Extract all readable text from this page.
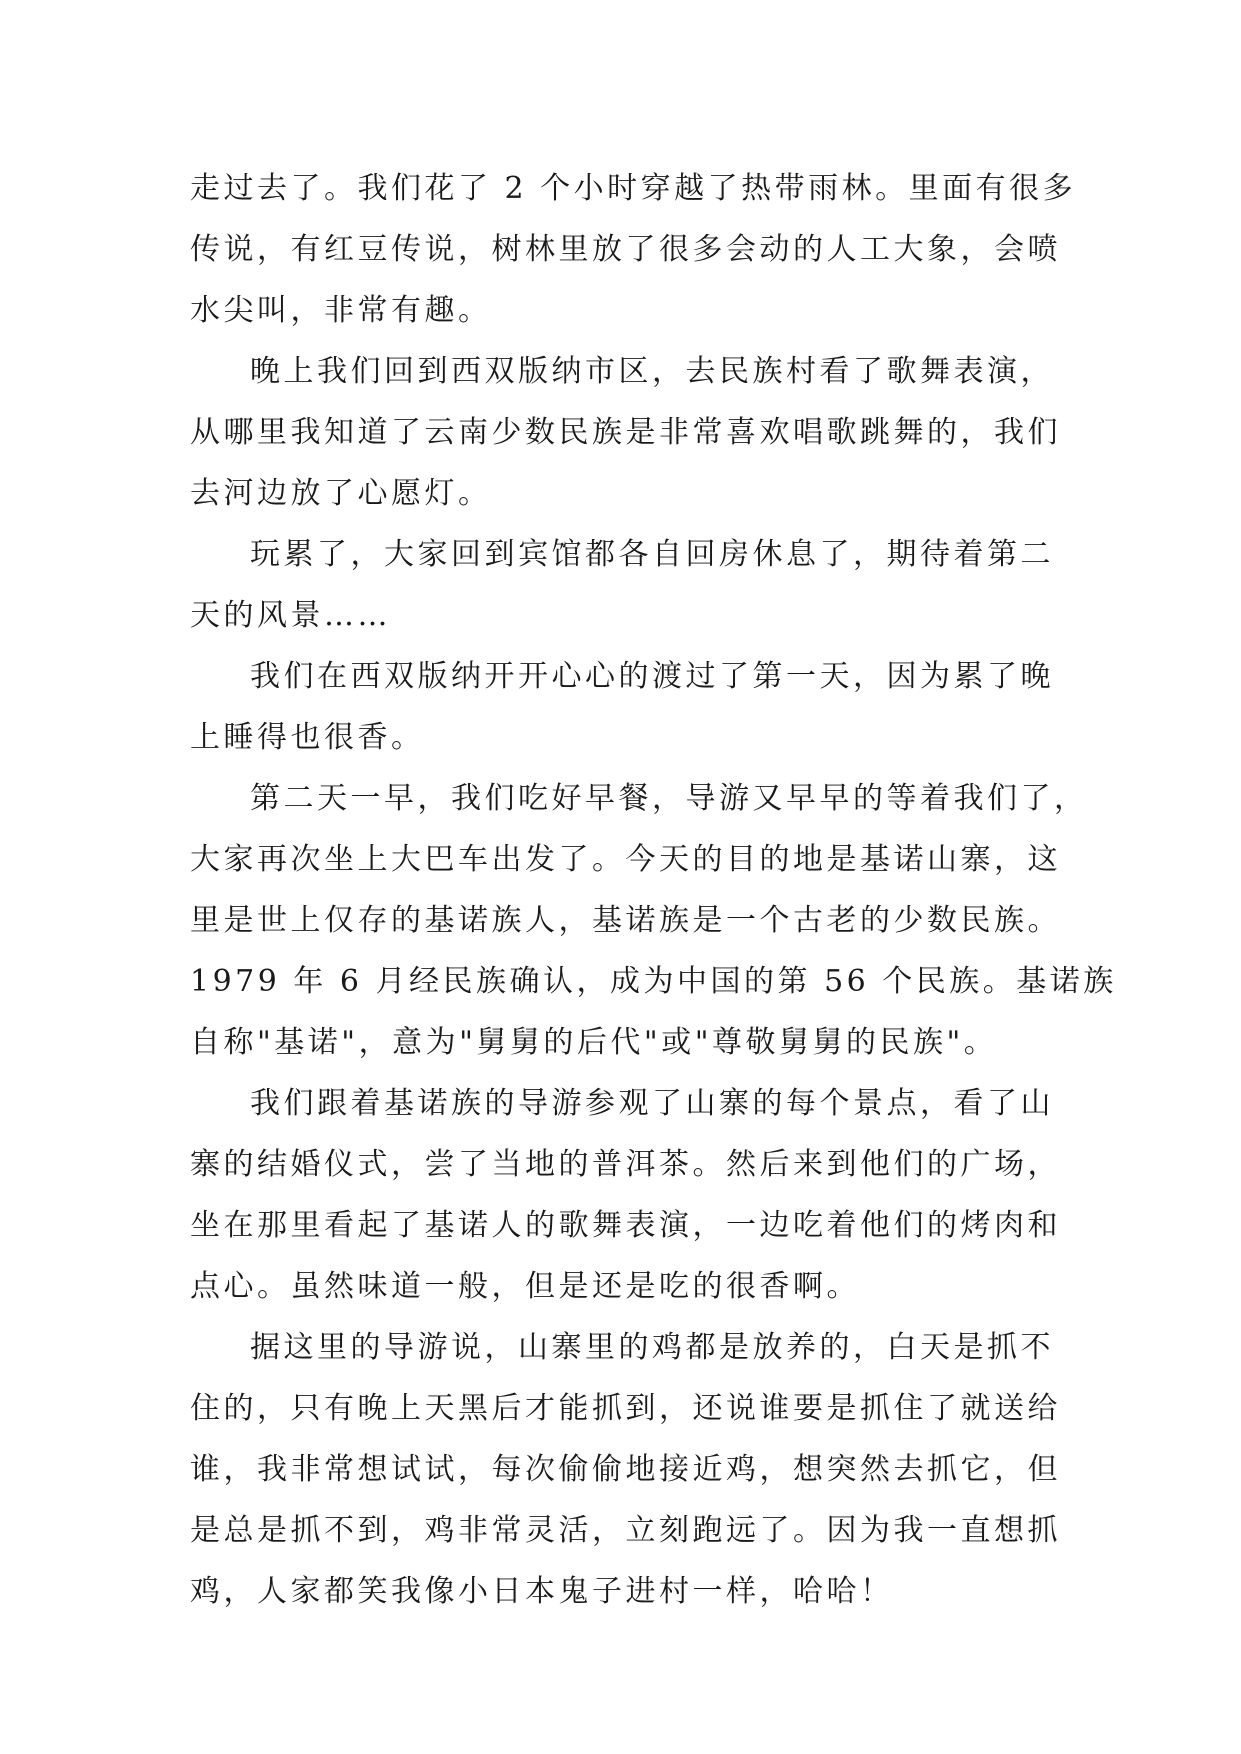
走过去了。我们花了 2 个小时穿越了热带雨林。里面有很多
传说，有红豆传说，树林里放了很多会动的人工大象，会喷
水尖叫，非常有趣。

晚上我们回到西双版纳市区，去民族村看了歌舞表演，
从哪里我知道了云南少数民族是非常喜欢唱歌跳舞的，我们
去河边放了心愿灯。

玩累了，大家回到宾馆都各自回房休息了，期待着第二
天的风景……

我们在西双版纳开开心心的渡过了第一天，因为累了晚
上睡得也很香。

第二天一早，我们吃好早餐，导游又早早的等着我们了，
大家再次坐上大巴车出发了。今天的目的地是基诺山寨，这
里是世上仅存的基诺族人，基诺族是一个古老的少数民族。
1979 年 6 月经民族确认，成为中国的第 56 个民族。基诺族
自称"基诺"，意为"舅舅的后代"或"尊敬舅舅的民族"。

我们跟着基诺族的导游参观了山寨的每个景点，看了山
寨的结婚仪式，尝了当地的普洱茶。然后来到他们的广场，
坐在那里看起了基诺人的歌舞表演，一边吃着他们的烤肉和
点心。虽然味道一般，但是还是吃的很香啊。

据这里的导游说，山寨里的鸡都是放养的，白天是抓不
住的，只有晚上天黑后才能抓到，还说谁要是抓住了就送给
谁，我非常想试试，每次偷偷地接近鸡，想突然去抓它，但
是总是抓不到，鸡非常灵活，立刻跑远了。因为我一直想抓
鸡，人家都笑我像小日本鬼子进村一样，哈哈！
